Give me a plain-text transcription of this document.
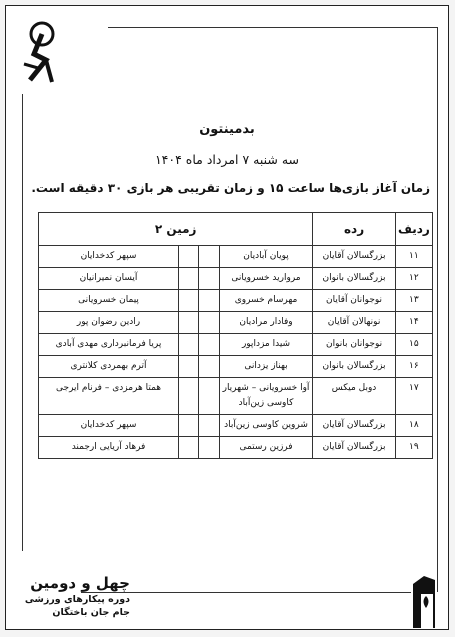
بدمینتون
سه شنبه ۷ امرداد ماه ۱۴۰۴
زمان آغاز بازی‌ها ساعت ۱۵ و زمان تقریبی هر بازی ۳۰ دقیقه است.
ردیف	رده	زمین ۲			
۱۱	بزرگسالان آقایان	پویان آبادیان			سپهر کدخدایان
۱۲	بزرگسالان بانوان	مروارید خسرویانی			آیسان نمیرانیان
۱۳	نوجوانان آقایان	مهرسام خسروی			پیمان خسرویانی
۱۴	نونهالان آقایان	وفادار مرادیان			رادین رضوان پور
۱۵	نوجوانان بانوان	شیدا مزداپور			پریا فرمانبرداری مهدی آبادی
۱۶	بزرگسالان بانوان	بهناز یزدانی			آترم بهمردی کلانتری
۱۷	دوبل میکس	آوا خسرویانی – شهریار کاوسی زین‌آباد			همتا هرمزدی – فرنام ایرجی
۱۸	بزرگسالان آقایان	شروین کاوسی زین‌آباد			سپهر کدخدایان
۱۹	بزرگسالان آقایان	فرزین رستمی			فرهاد آریایی ارجمند
چهل و دومین
دوره پیکارهای ورزشی
جام جان باختگان
